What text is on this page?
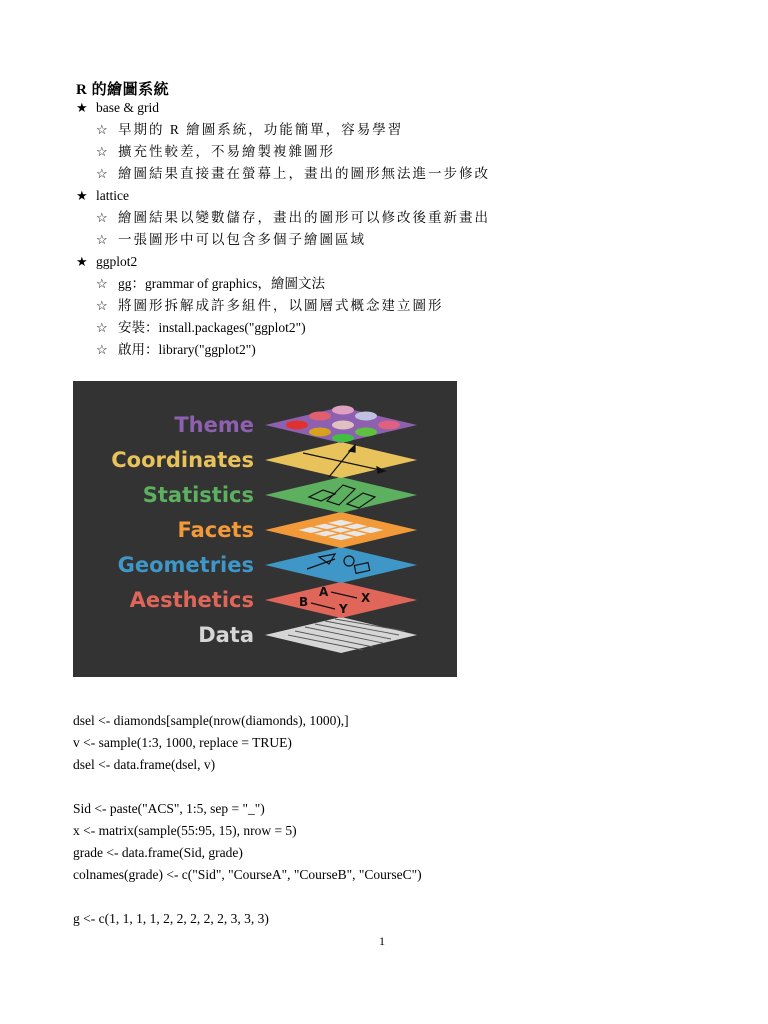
R 的繪圖系統
★ base & grid
☆ 早期的 R 繪圖系統，功能簡單，容易學習
☆ 擴充性較差，不易繪製複雜圖形
☆ 繪圖結果直接畫在螢幕上，畫出的圖形無法進一步修改
★ lattice
☆ 繪圖結果以變數儲存，畫出的圖形可以修改後重新畫出
☆ 一張圖形中可以包含多個子繪圖區域
★ ggplot2
☆ gg：grammar of graphics，繪圖文法
☆ 將圖形拆解成許多組件，以圖層式概念建立圖形
☆ 安裝：install.packages("ggplot2")
☆ 啟用：library("ggplot2")
Theme
Coordinates
Statistics
Facets
Geometries
Aesthetics
Data
A	X
B	Y
dsel <- diamonds[sample(nrow(diamonds), 1000),]
v <- sample(1:3, 1000, replace = TRUE)
dsel <- data.frame(dsel, v)
Sid <- paste("ACS", 1:5, sep = "_")
x <- matrix(sample(55:95, 15), nrow = 5)
grade <- data.frame(Sid, grade)
colnames(grade) <- c("Sid", "CourseA", "CourseB", "CourseC")
g <- c(1, 1, 1, 1, 2, 2, 2, 2, 2, 3, 3, 3)
1
